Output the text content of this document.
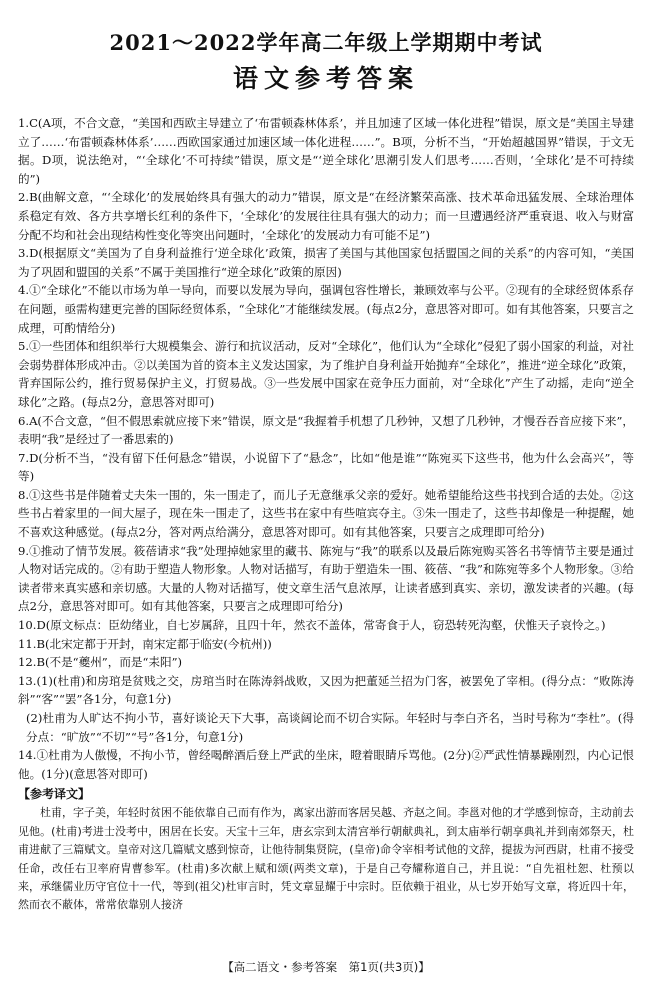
2021～2022学年高二年级上学期期中考试
语文参考答案

1.C(A项，不合文意，“美国和西欧主导建立了‘布雷顿森林体系’，并且加速了区域一体化进程”错误，原文是“美国主导建立了……‘布雷顿森林体系’……西欧国家通过加速区域一体化进程……”。B项，分析不当，“开始超越国界”错误，于文无据。D项，说法绝对，“‘全球化’不可持续”错误，原文是“‘逆全球化’思潮引发人们思考……否则，‘全球化’是不可持续的”)

2.B(曲解文意，“‘全球化’的发展始终具有强大的动力”错误，原文是“在经济繁荣高涨、技术革命迅猛发展、全球治理体系稳定有效、各方共享增长红利的条件下，‘全球化’的发展往往具有强大的动力；而一旦遭遇经济严重衰退、收入与财富分配不均和社会出现结构性变化等突出问题时，‘全球化’的发展动力有可能不足”)

3.D(根据原文“美国为了自身利益推行‘逆全球化’政策，损害了美国与其他国家包括盟国之间的关系”的内容可知，“美国为了巩固和盟国的关系”不属于美国推行“逆全球化”政策的原因)

4.①“全球化”不能以市场为单一导向，而要以发展为导向，强调包容性增长，兼顾效率与公平。②现有的全球经贸体系存在问题，亟需构建更完善的国际经贸体系，“全球化”才能继续发展。(每点2分，意思答对即可。如有其他答案，只要言之成理，可酌情给分)

5.①一些团体和组织举行大规模集会、游行和抗议活动，反对“全球化”，他们认为“全球化”侵犯了弱小国家的利益，对社会弱势群体形成冲击。②以美国为首的资本主义发达国家，为了维护自身利益开始抛弃“全球化”，推进“逆全球化”政策，背弃国际公约，推行贸易保护主义，打贸易战。③一些发展中国家在竞争压力面前，对“全球化”产生了动摇，走向“逆全球化”之路。(每点2分，意思答对即可)

6.A(不合文意，“但不假思索就应接下来”错误，原文是“我握着手机想了几秒钟，又想了几秒钟，才慢吞吞音应接下来”，表明“我”是经过了一番思索的)

7.D(分析不当，“没有留下任何悬念”错误，小说留下了“悬念”，比如“他是谁”“陈宛买下这些书，他为什么会高兴”，等等)

8.①这些书是伴随着丈夫朱一围的，朱一围走了，而儿子无意继承父亲的爱好。她希望能给这些书找到合适的去处。②这些书占着家里的一间大屋子，现在朱一围走了，这些书在家中有些喧宾夺主。③朱一围走了，这些书却像是一种提醒，她不喜欢这种感觉。(每点2分，答对两点给满分，意思答对即可。如有其他答案，只要言之成理即可给分)

9.①推动了情节发展。筱蓓请求“我”处理掉她家里的藏书、陈宛与“我”的联系以及最后陈宛购买答名书等情节主要是通过人物对话完成的。②有助于塑造人物形象。人物对话描写，有助于塑造朱一围、筱蓓、“我”和陈宛等多个人物形象。③给读者带来真实感和亲切感。大量的人物对话描写，使文章生活气息浓厚，让读者感到真实、亲切，激发读者的兴趣。(每点2分，意思答对即可。如有其他答案，只要言之成理即可给分)

10.D(原文标点：臣幼绪业，自七岁属辞，且四十年，然衣不盖体，常寄食于人，窃恐转死沟壑，伏惟天子哀怜之。)

11.B(北宋定都于开封，南宋定都于临安(今杭州))

12.B(不是“夔州”，而是“耒阳”)

13.(1)(杜甫)和房琯是贫贱之交，房琯当时在陈涛斜战败，又因为把董延兰招为门客，被罢免了宰相。(得分点：“败陈涛斜”“客”“罢”各1分，句意1分)

(2)杜甫为人旷达不拘小节，喜好谈论天下大事，高谈阔论而不切合实际。年轻时与李白齐名，当时号称为“李杜”。(得分点：“旷放”“不切”“号”各1分，句意1分)

14.①杜甫为人傲慢，不拘小节，曾经喝醉酒后登上严武的坐床，瞪着眼睛斥骂他。(2分)②严武性情暴躁刚烈，内心记恨他。(1分)(意思答对即可)

【参考译文】

杜甫，字子美，年轻时贫困不能依靠自己而有作为，离家出游而客居吴越、齐赵之间。李邕对他的才学感到惊奇，主动前去见他。(杜甫)考进士没考中，困居在长安。天宝十三年，唐玄宗到太清宫举行朝献典礼，到太庙举行朝享典礼并到南郊祭天，杜甫进献了三篇赋文。皇帝对这几篇赋文感到惊奇，让他待制集贤院，(皇帝)命令宰相考试他的文辞，提拔为河西尉，杜甫不接受任命，改任右卫率府胄曹参军。(杜甫)多次献上赋和颂(两类文章)，于是自己夸耀称道自己，并且说：“自先祖杜恕、杜预以来，承继儒业历守官位十一代，等到(祖父)杜审言时，凭文章显耀于中宗时。臣依赖于祖业，从七岁开始写文章，将近四十年，然而衣不蔽体，常常依靠别人接济

【高二语文・参考答案　第1页(共3页)】
